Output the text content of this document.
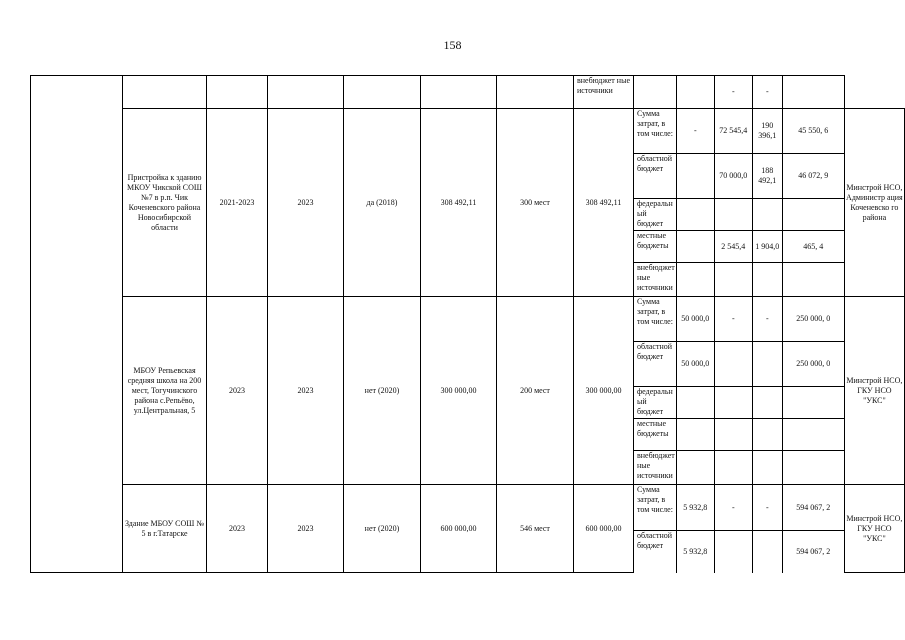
158
							внебюджет ные источники			-	-		
	Пристройка к зданию МКОУ Чикской СОШ №7 в р.п. Чик Коченевского района Новосибирской области	2021-2023	2023	да (2018)	308 492,11	300 мест	308 492,11	Сумма затрат, в том числе:	-	72 545,4	190 396,1	45 550, 6	Минстрой НСО, Администр ация Коченевско го района
								областной бюджет		70 000,0	188 492,1	46 072, 9	
								федеральн ый бюджет					
								местные бюджеты		2 545,4	1 904,0	465, 4	
								внебюджет ные источники					
	МБОУ Репьевская средняя школа на 200 мест, Тогучинского района с.Репьёво, ул.Центральная, 5	2023	2023	нет (2020)	300 000,00	200 мест	300 000,00	Сумма затрат, в том числе:	50 000,0	-	-	250 000, 0	Минстрой НСО, ГКУ НСО "УКС"
								областной бюджет	50 000,0			250 000, 0	
								федеральн ый бюджет					
								местные бюджеты					
								внебюджет ные источники					
	Здание МБОУ СОШ № 5 в г.Татарске	2023	2023	нет (2020)	600 000,00	546 мест	600 000,00	Сумма затрат, в том числе:	5 932,8	-	-	594 067, 2	Минстрой НСО, ГКУ НСО "УКС"
								областной бюджет	5 932,8			594 067, 2	
